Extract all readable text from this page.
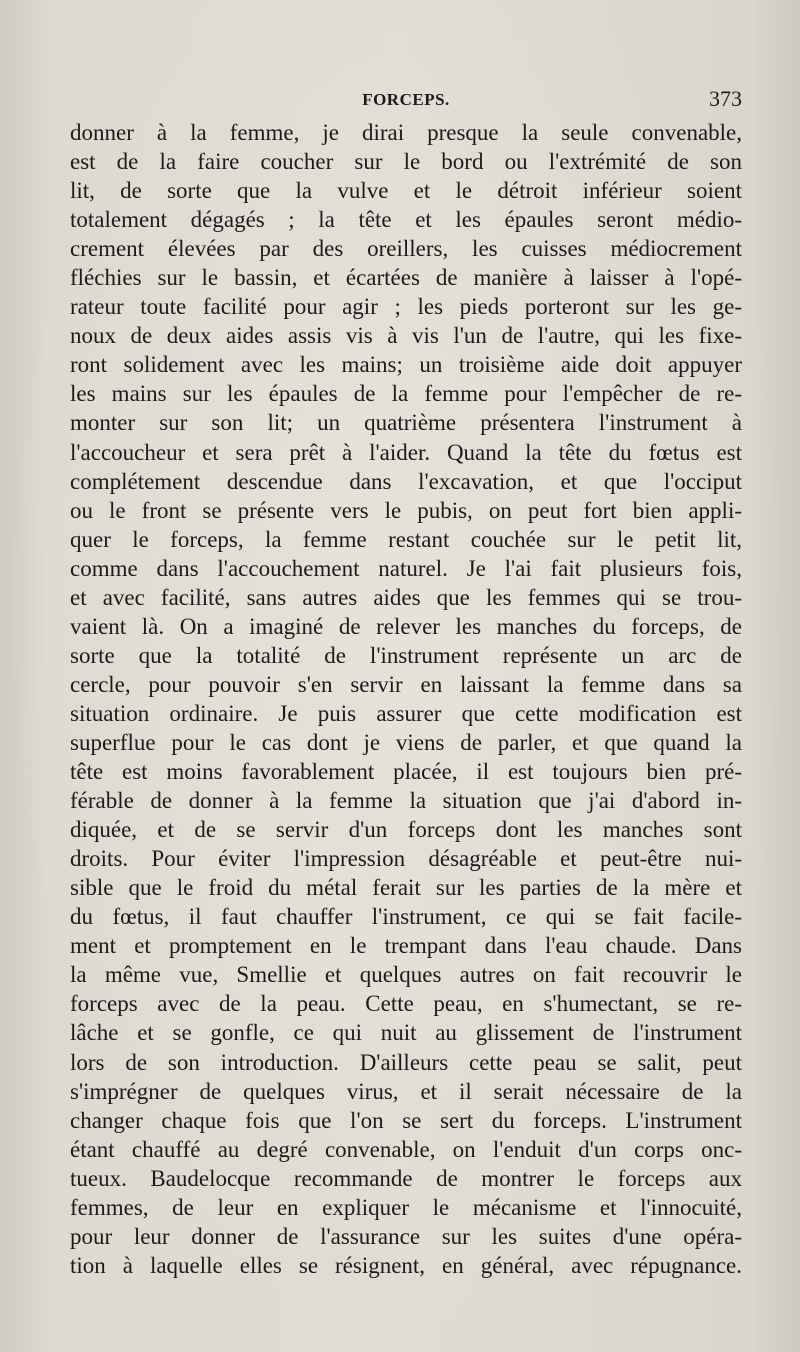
FORCEPS.	373
donner à la femme, je dirai presque la seule convenable,
est de la faire coucher sur le bord ou l'extrémité de son
lit, de sorte que la vulve et le détroit inférieur soient
totalement dégagés ; la tête et les épaules seront médio-
crement élevées par des oreillers, les cuisses médiocrement
fléchies sur le bassin, et écartées de manière à laisser à l'opé-
rateur toute facilité pour agir ; les pieds porteront sur les ge-
noux de deux aides assis vis à vis l'un de l'autre, qui les fixe-
ront solidement avec les mains; un troisième aide doit appuyer
les mains sur les épaules de la femme pour l'empêcher de re-
monter sur son lit; un quatrième présentera l'instrument à
l'accoucheur et sera prêt à l'aider. Quand la tête du fœtus est
complétement descendue dans l'excavation, et que l'occiput
ou le front se présente vers le pubis, on peut fort bien appli-
quer le forceps, la femme restant couchée sur le petit lit,
comme dans l'accouchement naturel. Je l'ai fait plusieurs fois,
et avec facilité, sans autres aides que les femmes qui se trou-
vaient là. On a imaginé de relever les manches du forceps, de
sorte que la totalité de l'instrument représente un arc de
cercle, pour pouvoir s'en servir en laissant la femme dans sa
situation ordinaire. Je puis assurer que cette modification est
superflue pour le cas dont je viens de parler, et que quand la
tête est moins favorablement placée, il est toujours bien pré-
férable de donner à la femme la situation que j'ai d'abord in-
diquée, et de se servir d'un forceps dont les manches sont
droits. Pour éviter l'impression désagréable et peut-être nui-
sible que le froid du métal ferait sur les parties de la mère et
du fœtus, il faut chauffer l'instrument, ce qui se fait facile-
ment et promptement en le trempant dans l'eau chaude. Dans
la même vue, Smellie et quelques autres on fait recouvrir le
forceps avec de la peau. Cette peau, en s'humectant, se re-
lâche et se gonfle, ce qui nuit au glissement de l'instrument
lors de son introduction. D'ailleurs cette peau se salit, peut
s'imprégner de quelques virus, et il serait nécessaire de la
changer chaque fois que l'on se sert du forceps. L'instrument
étant chauffé au degré convenable, on l'enduit d'un corps onc-
tueux. Baudelocque recommande de montrer le forceps aux
femmes, de leur en expliquer le mécanisme et l'innocuité,
pour leur donner de l'assurance sur les suites d'une opéra-
tion à laquelle elles se résignent, en général, avec répugnance.
